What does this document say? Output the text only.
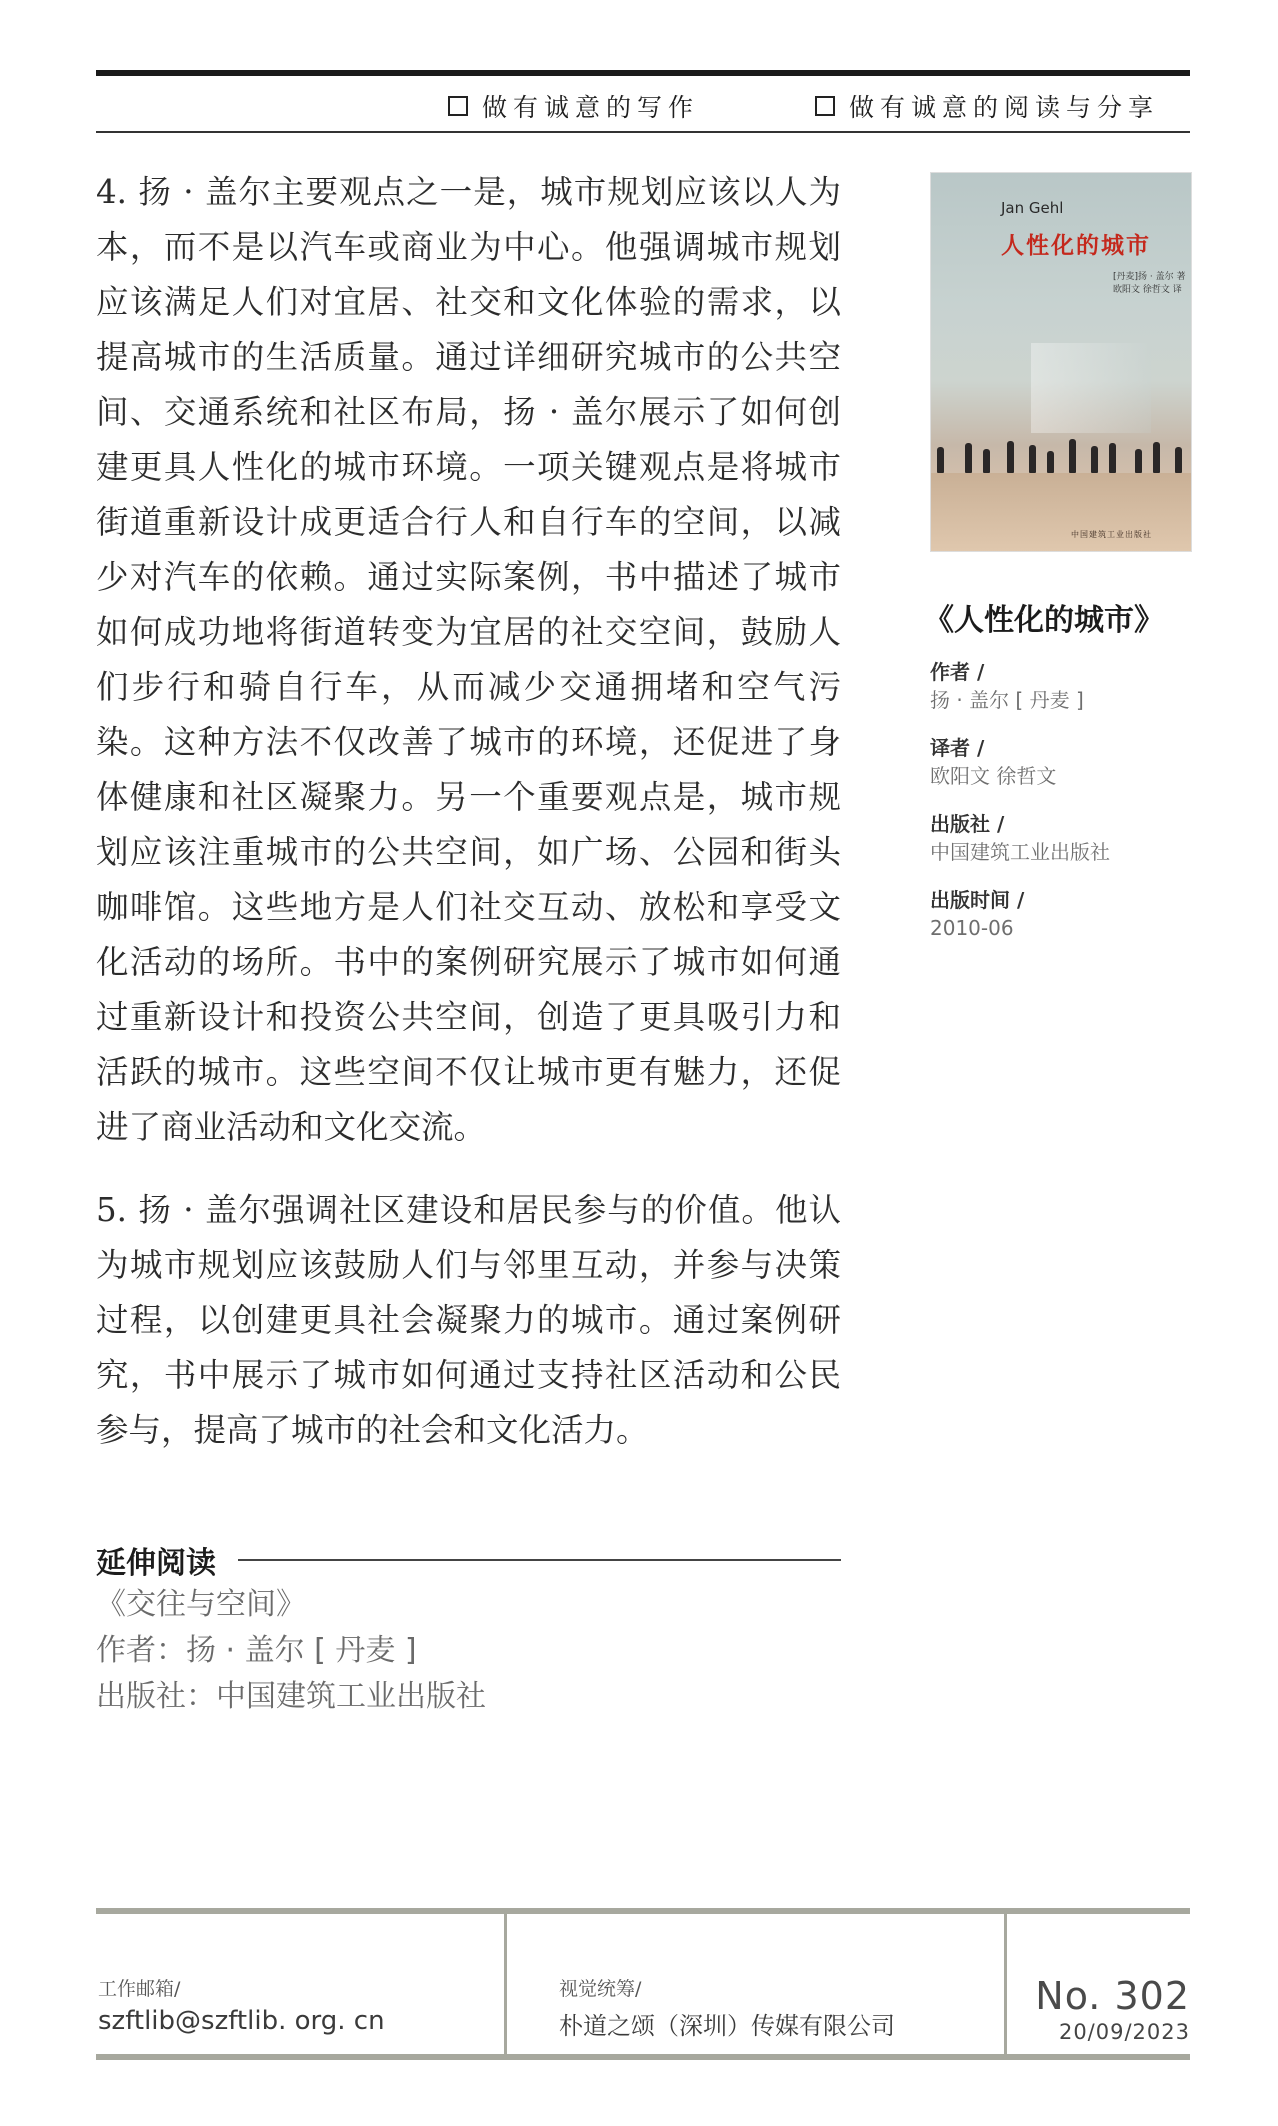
做有诚意的写作	做有诚意的阅读与分享

4. 扬 · 盖尔主要观点之一是，城市规划应该以人为本，而不是以汽车或商业为中心。他强调城市规划应该满足人们对宜居、社交和文化体验的需求，以提高城市的生活质量。通过详细研究城市的公共空间、交通系统和社区布局，扬 · 盖尔展示了如何创建更具人性化的城市环境。一项关键观点是将城市街道重新设计成更适合行人和自行车的空间，以减少对汽车的依赖。通过实际案例，书中描述了城市如何成功地将街道转变为宜居的社交空间，鼓励人们步行和骑自行车，从而减少交通拥堵和空气污染。这种方法不仅改善了城市的环境，还促进了身体健康和社区凝聚力。另一个重要观点是，城市规划应该注重城市的公共空间，如广场、公园和街头咖啡馆。这些地方是人们社交互动、放松和享受文化活动的场所。书中的案例研究展示了城市如何通过重新设计和投资公共空间，创造了更具吸引力和活跃的城市。这些空间不仅让城市更有魅力，还促进了商业活动和文化交流。

5. 扬 · 盖尔强调社区建设和居民参与的价值。他认为城市规划应该鼓励人们与邻里互动，并参与决策过程，以创建更具社会凝聚力的城市。通过案例研究，书中展示了城市如何通过支持社区活动和公民参与，提高了城市的社会和文化活力。

延伸阅读
《交往与空间》
作者：扬 · 盖尔 [ 丹麦 ]
出版社：中国建筑工业出版社
Jan Gehl
人性化的城市
[丹麦]扬 · 盖尔 著
欧阳文 徐哲文 译
中国建筑工业出版社
《人性化的城市》
作者 /
扬 · 盖尔 [ 丹麦 ]
译者 /
欧阳文 徐哲文
出版社 /
中国建筑工业出版社
出版时间 /
2010-06
工作邮箱/
szftlib@szftlib. org. cn
视觉统筹/
朴道之颂（深圳）传媒有限公司
No. 302
20/09/2023
